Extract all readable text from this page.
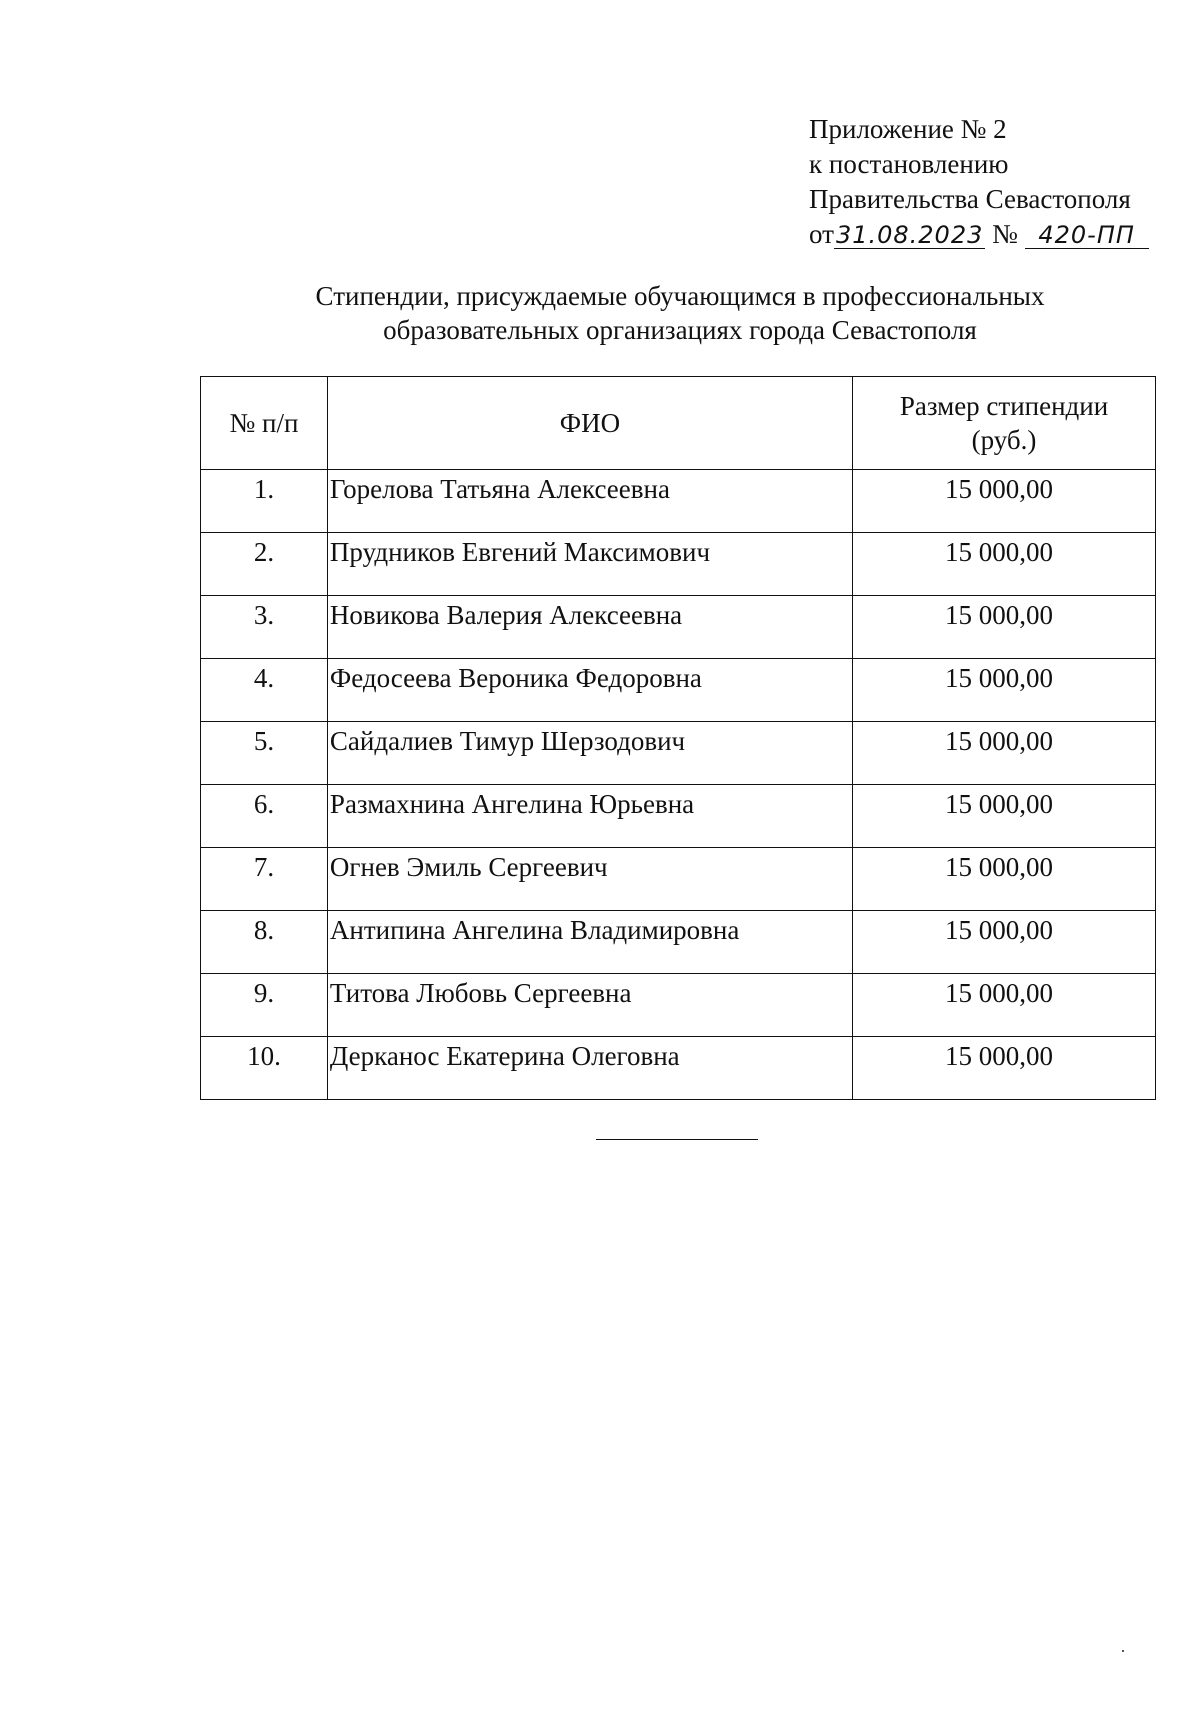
Приложение № 2
к постановлению
Правительства Севастополя
от31.08.2023 № 420-ПП
Стипендии, присуждаемые обучающимся в профессиональных
образовательных организациях города Севастополя
№ п/п	ФИО	Размер стипендии
(руб.)

1.	Горелова Татьяна Алексеевна	15 000,00
2.	Прудников Евгений Максимович	15 000,00
3.	Новикова Валерия Алексеевна	15 000,00
4.	Федосеева Вероника Федоровна	15 000,00
5.	Сайдалиев Тимур Шерзодович	15 000,00
6.	Размахнина Ангелина Юрьевна	15 000,00
7.	Огнев Эмиль Сергеевич	15 000,00
8.	Антипина Ангелина Владимировна	15 000,00
9.	Титова Любовь Сергеевна	15 000,00
10.	Дерканос Екатерина Олеговна	15 000,00
